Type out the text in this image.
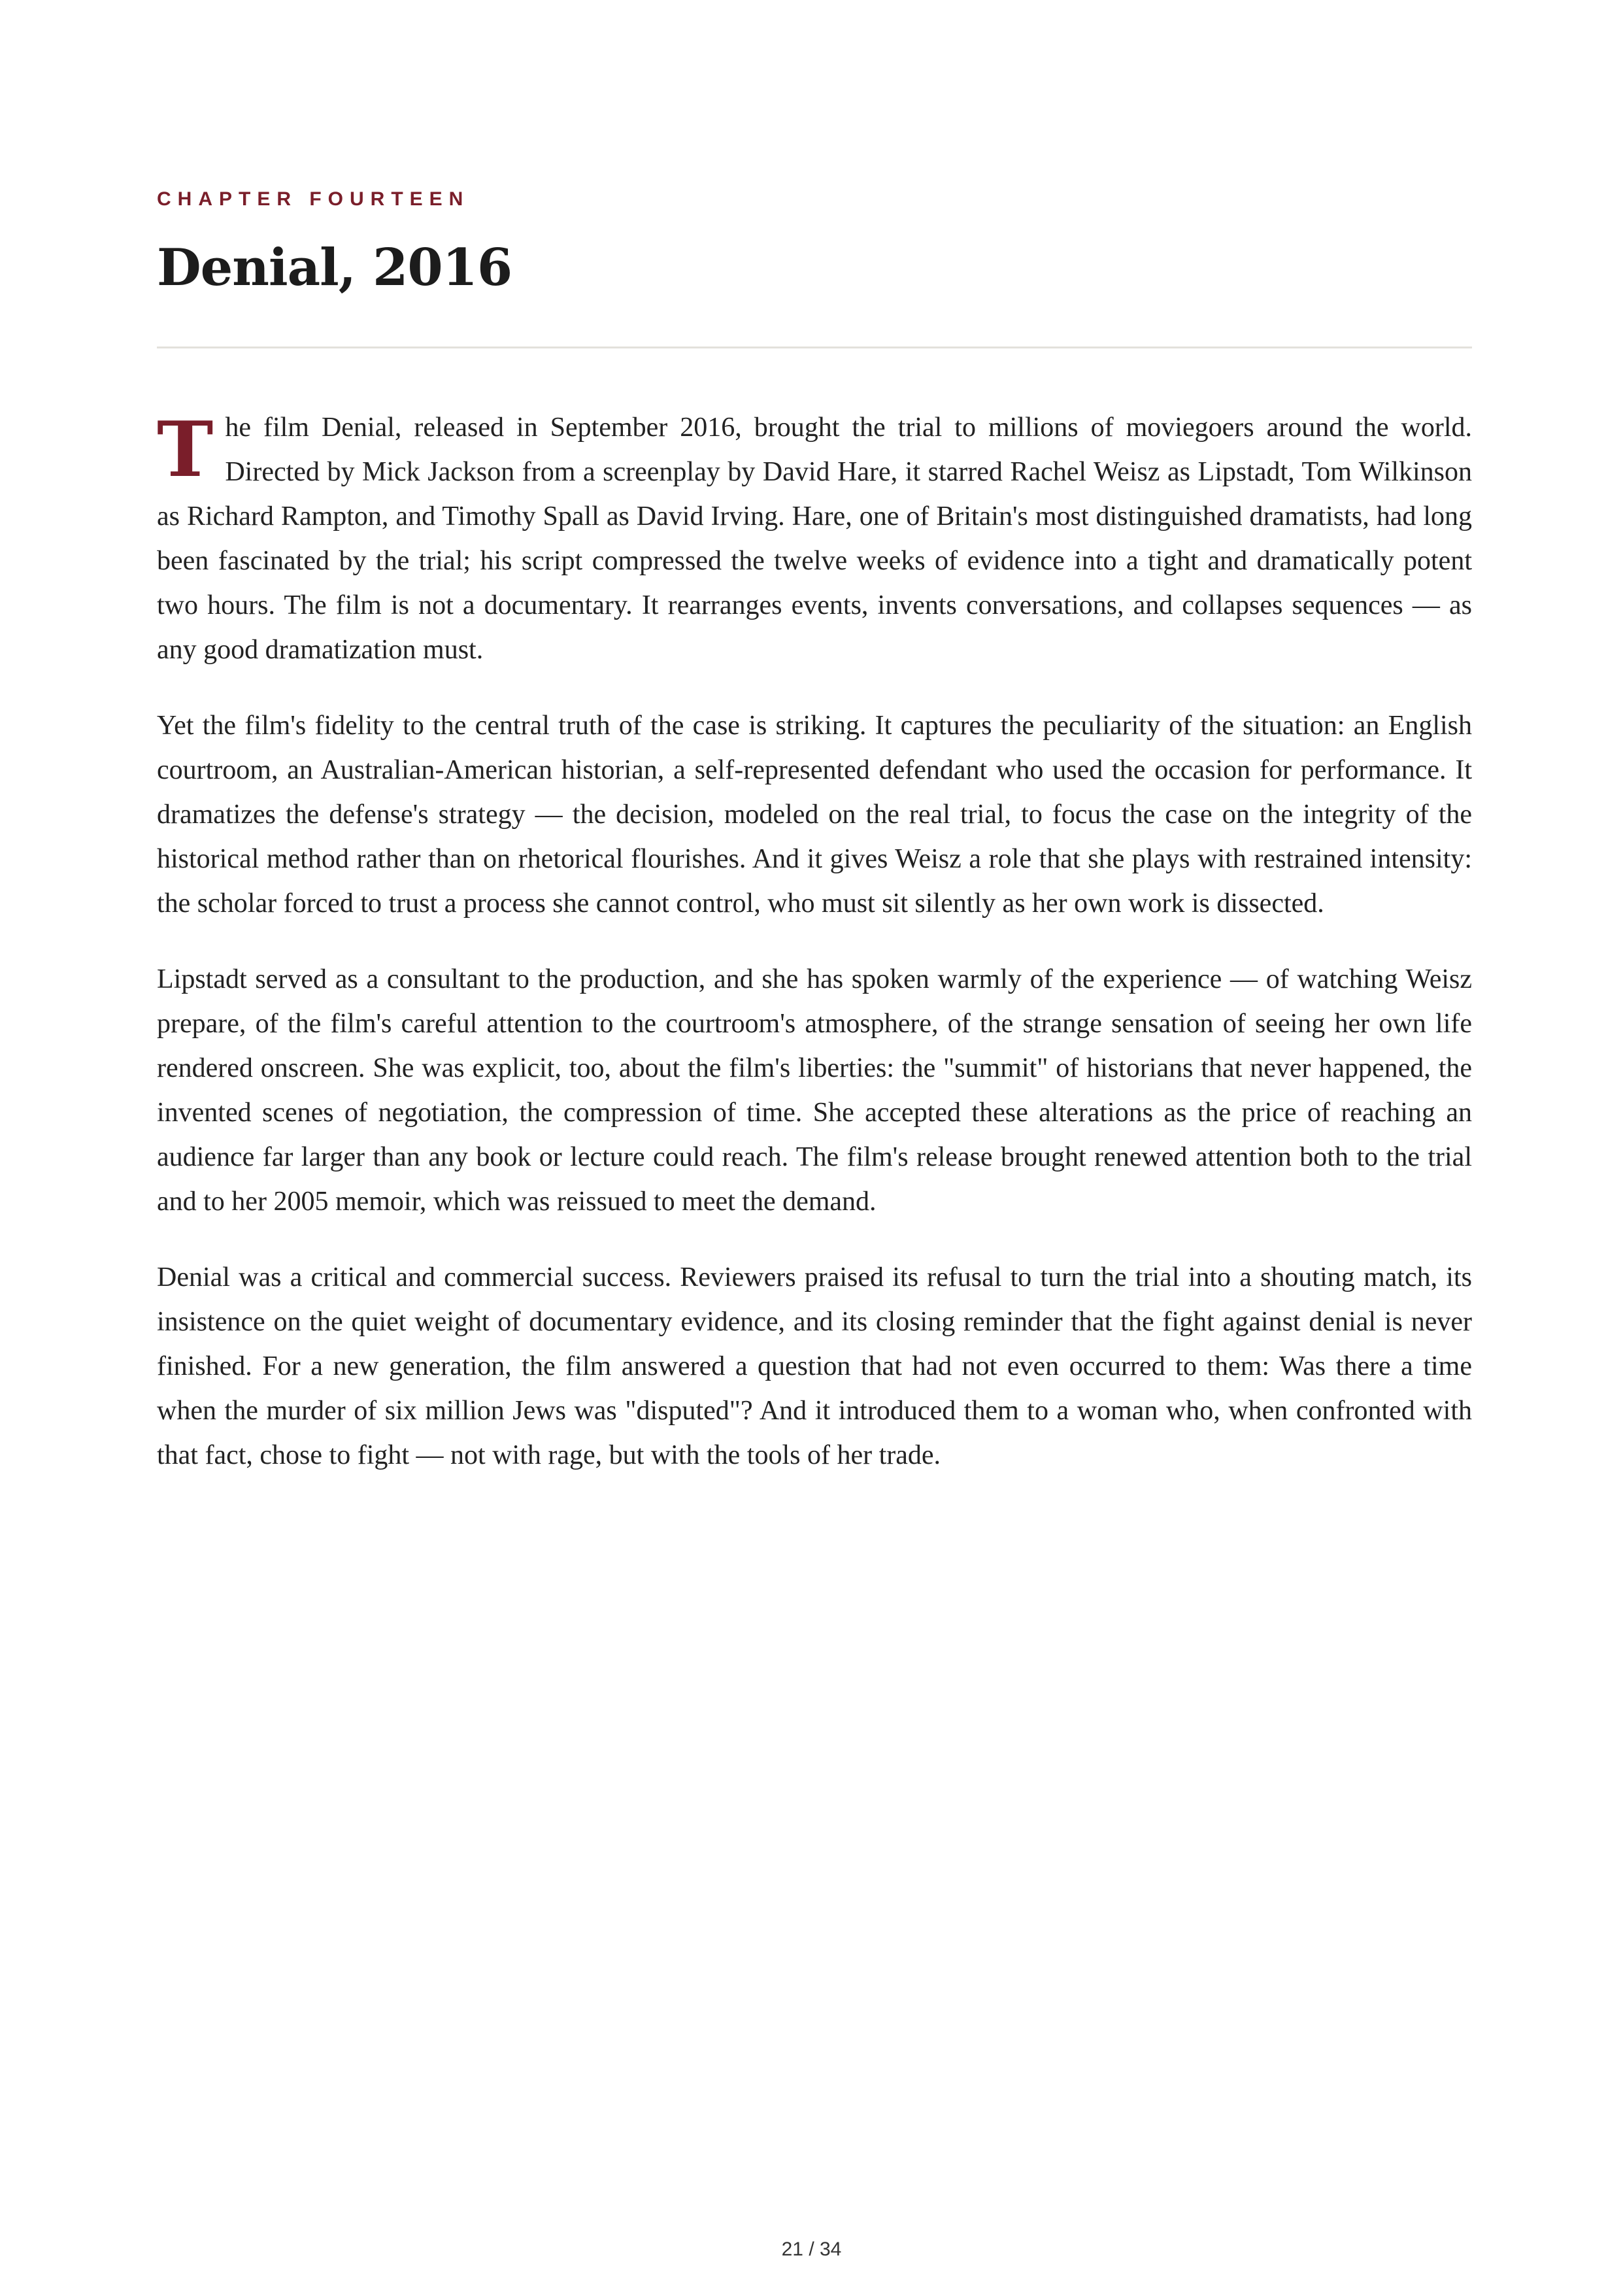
CHAPTER FOURTEEN
Denial, 2016

The film Denial, released in September 2016, brought the trial to millions of moviegoers around the world. Directed by Mick Jackson from a screenplay by David Hare, it starred Rachel Weisz as Lipstadt, Tom Wilkinson as Richard Rampton, and Timothy Spall as David Irving. Hare, one of Britain's most distinguished dramatists, had long been fascinated by the trial; his script compressed the twelve weeks of evidence into a tight and dramatically potent two hours. The film is not a documentary. It rearranges events, invents conversations, and collapses sequences — as any good dramatization must.

Yet the film's fidelity to the central truth of the case is striking. It captures the peculiarity of the situation: an English courtroom, an Australian-American historian, a self-represented defendant who used the occasion for performance. It dramatizes the defense's strategy — the decision, modeled on the real trial, to focus the case on the integrity of the historical method rather than on rhetorical flourishes. And it gives Weisz a role that she plays with restrained intensity: the scholar forced to trust a process she cannot control, who must sit silently as her own work is dissected.

Lipstadt served as a consultant to the production, and she has spoken warmly of the experience — of watching Weisz prepare, of the film's careful attention to the courtroom's atmosphere, of the strange sensation of seeing her own life rendered onscreen. She was explicit, too, about the film's liberties: the "summit" of historians that never happened, the invented scenes of negotiation, the compression of time. She accepted these alterations as the price of reaching an audience far larger than any book or lecture could reach. The film's release brought renewed attention both to the trial and to her 2005 memoir, which was reissued to meet the demand.

Denial was a critical and commercial success. Reviewers praised its refusal to turn the trial into a shouting match, its insistence on the quiet weight of documentary evidence, and its closing reminder that the fight against denial is never finished. For a new generation, the film answered a question that had not even occurred to them: Was there a time when the murder of six million Jews was "disputed"? And it introduced them to a woman who, when confronted with that fact, chose to fight — not with rage, but with the tools of her trade.

21 / 34
